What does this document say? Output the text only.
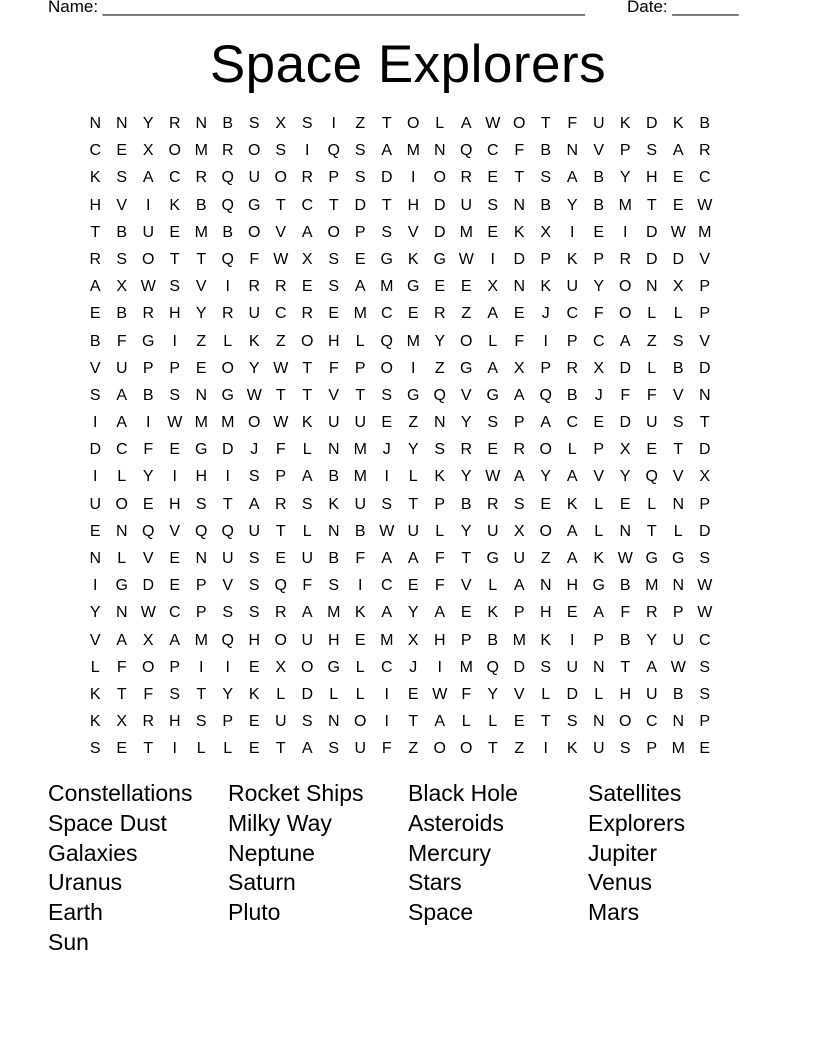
Name: ___________________________________________________ Date: _______
Space Explorers
N N Y R N B S X S	I	Z	T O L	A W O T	F U K D K B
C E X O M R O S	I	Q S A M N Q C F	B N V P S A R
K S A C R Q U O R P S D	I	O R E	T	S A B Y H E C
H V	I	K B Q G T C T D T H D U S N B Y B M T	E W
T	B U E M B O V A O P S V D M E K X	I	E	I	D W M
R S O T	T Q F W X S E G K G W	I	D P K P R D D V
A X W S V	I	R R E S A M G E E X N K U Y O N X P
E B R H Y R U C R E M C E R Z	A E	J	C F O L	L	P
B	F G	I	Z	L	K	Z O H	L Q M Y O L	F	I	P C A	Z	S V
V U P P E O Y W T	F	P O	I	Z G A X P R X D	L	B D
S A B S N G W T	T	V	T	S G Q V G A Q B	J	F	F	V N
I	A	I	W M M O W K U U E	Z N Y S P A C E D U S	T
D C F	E G D	J	F	L	N M J	Y S R E R O L	P X E	T D
I	L	Y	I	H	I	S P A B M	I	L	K Y W A Y A V Y Q V X
U O E H S	T	A R S K U S	T	P B R S E K	L	E	L	N P
E N Q V Q Q U T	L	N B W U	L	Y U X O A	L	N T	L	D
N	L	V E N U S E U B	F	A A	F	T G U Z	A K W G G S
I	G D E P V S Q F	S	I	C E	F	V	L	A N H G B M N W
Y N W C P S S R A M K A Y A E K P H E A	F R P W
V A X A M Q H O U H E M X H P B M K	I	P B Y U C
L	F O P	I	I	E X O G L	C	J	I	M Q D S U N T	A W S
K	T	F	S	T	Y K	L	D	L	L	I	E W F	Y V	L	D	L	H U B S
K X R H S P E U S N O	I	T	A	L	L	E	T	S N O C N P
S E	T	I	L	L	E	T	A S U F	Z O O T	Z	I	K U S P M E
Constellations	Rocket Ships	Black Hole	Satellites
Space Dust	Milky Way	Asteroids	Explorers
Galaxies	Neptune	Mercury	Jupiter
Uranus	Saturn	Stars	Venus
Earth	Pluto	Space	Mars
Sun
